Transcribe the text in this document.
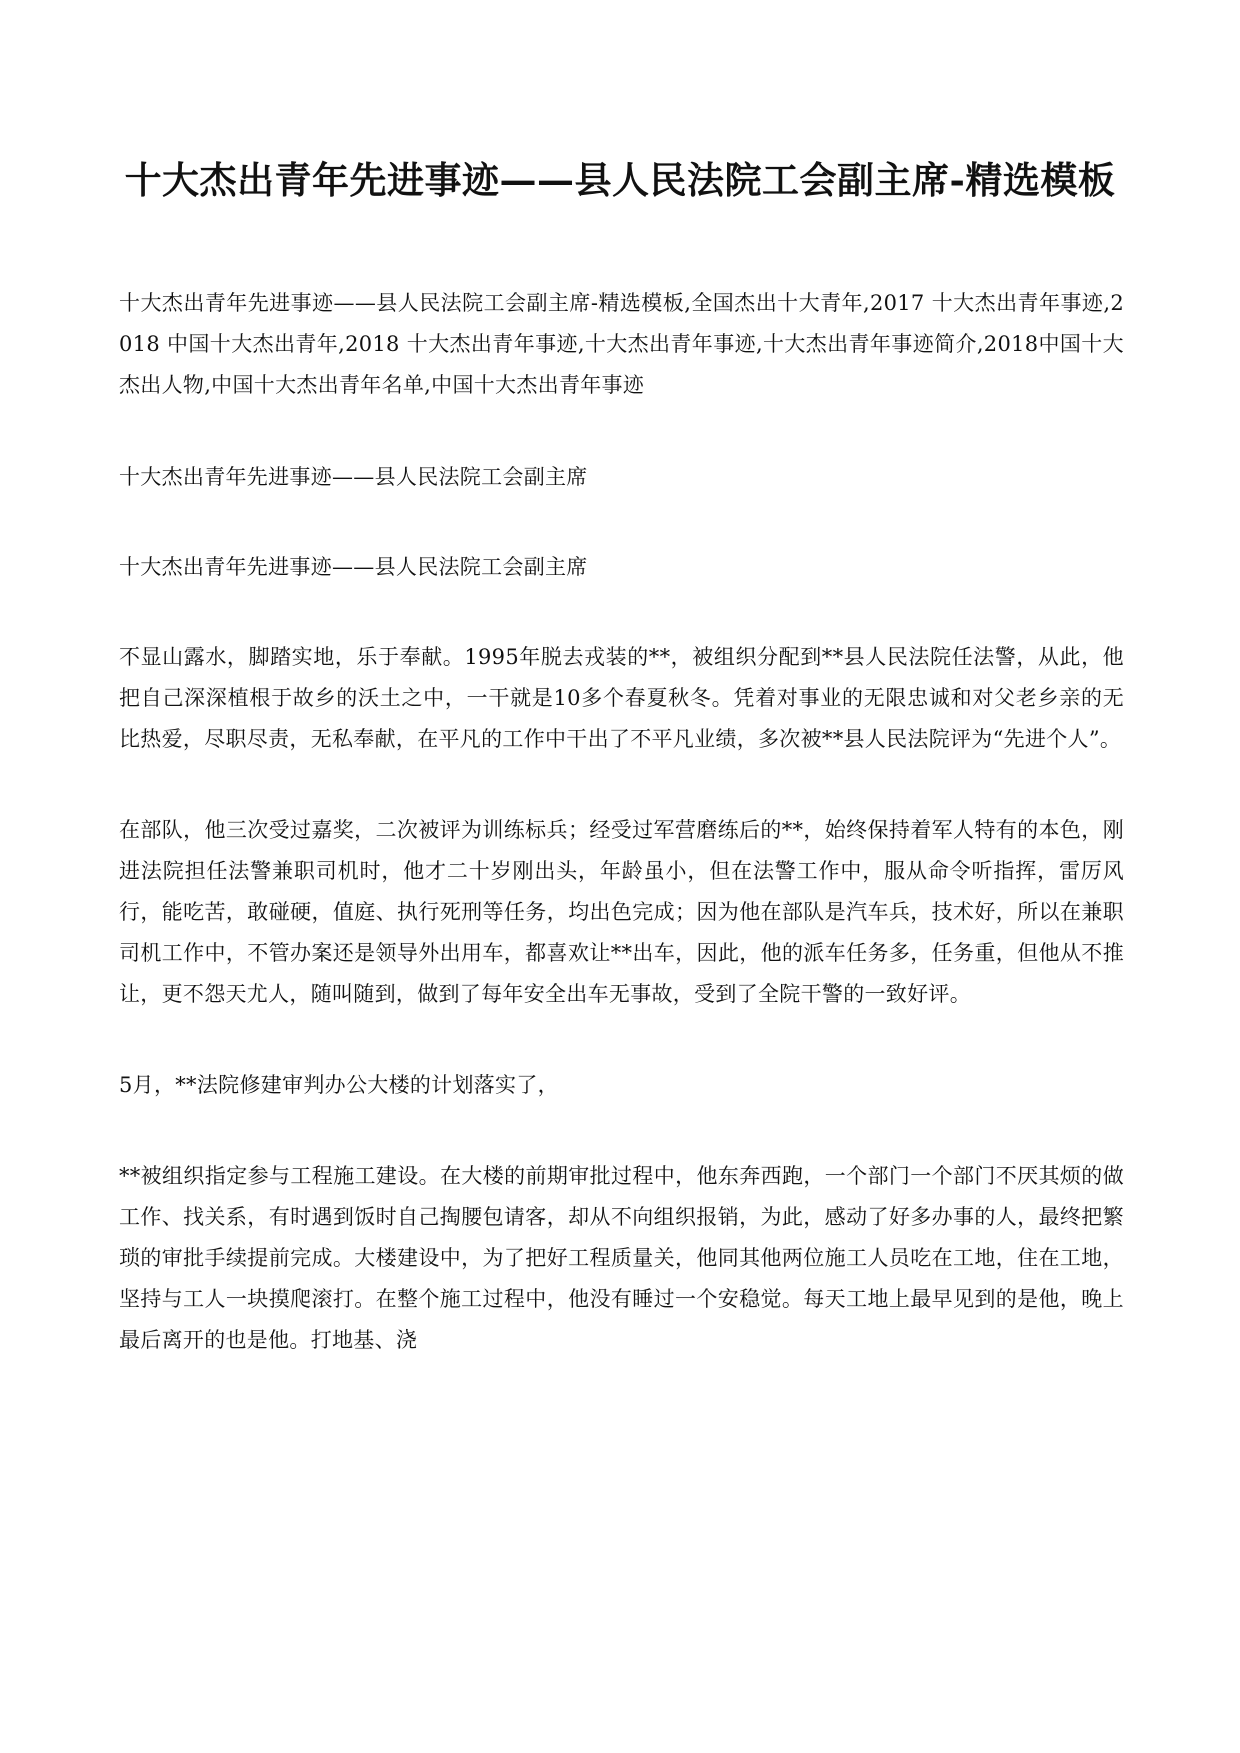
十大杰出青年先进事迹——县人民法院工会副主席-精选模板

十大杰出青年先进事迹——县人民法院工会副主席-精选模板,全国杰出十大青年,2017 十大杰出青年事迹,2018 中国十大杰出青年,2018 十大杰出青年事迹,十大杰出青年事迹,十大杰出青年事迹简介,2018中国十大杰出人物,中国十大杰出青年名单,中国十大杰出青年事迹

十大杰出青年先进事迹——县人民法院工会副主席

十大杰出青年先进事迹——县人民法院工会副主席

不显山露水，脚踏实地，乐于奉献。1995年脱去戎装的**，被组织分配到**县人民法院任法警，从此，他把自己深深植根于故乡的沃土之中，一干就是10多个春夏秋冬。凭着对事业的无限忠诚和对父老乡亲的无比热爱，尽职尽责，无私奉献，在平凡的工作中干出了不平凡业绩，多次被**县人民法院评为“先进个人”。

在部队，他三次受过嘉奖，二次被评为训练标兵；经受过军营磨练后的**，始终保持着军人特有的本色，刚进法院担任法警兼职司机时，他才二十岁刚出头，年龄虽小，但在法警工作中，服从命令听指挥，雷厉风行，能吃苦，敢碰硬，值庭、执行死刑等任务，均出色完成；因为他在部队是汽车兵，技术好，所以在兼职司机工作中，不管办案还是领导外出用车，都喜欢让**出车，因此，他的派车任务多，任务重，但他从不推让，更不怨天尤人，随叫随到，做到了每年安全出车无事故，受到了全院干警的一致好评。

5月，**法院修建审判办公大楼的计划落实了，

**被组织指定参与工程施工建设。在大楼的前期审批过程中，他东奔西跑，一个部门一个部门不厌其烦的做工作、找关系，有时遇到饭时自己掏腰包请客，却从不向组织报销，为此，感动了好多办事的人，最终把繁琐的审批手续提前完成。大楼建设中，为了把好工程质量关，他同其他两位施工人员吃在工地，住在工地，坚持与工人一块摸爬滚打。在整个施工过程中，他没有睡过一个安稳觉。每天工地上最早见到的是他，晚上最后离开的也是他。打地基、浇
